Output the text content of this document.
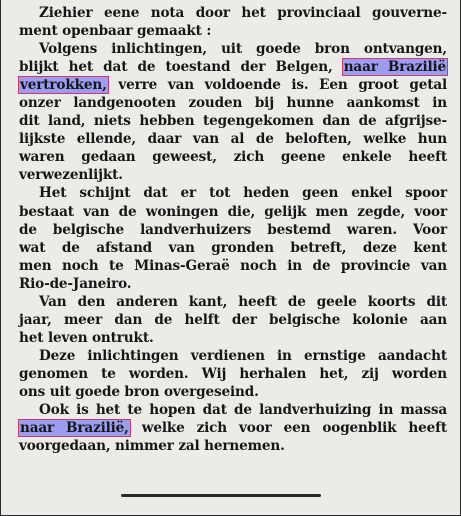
Ziehier eene nota door het provinciaal gouverne-
ment openbaar gemaakt :
Volgens inlichtingen, uit goede bron ontvangen,
blijkt het dat de toestand der Belgen, naar Brazilië
vertrokken, verre van voldoende is. Een groot getal
onzer landgenooten zouden bij hunne aankomst in
dit land, niets hebben tegengekomen dan de afgrijse-
lijkste ellende, daar van al de beloften, welke hun
waren gedaan geweest, zich geene enkele heeft
verwezenlijkt.
Het schijnt dat er tot heden geen enkel spoor
bestaat van de woningen die, gelijk men zegde, voor
de belgische landverhuizers bestemd waren. Voor
wat de afstand van gronden betreft, deze kent
men noch te Minas-Geraë noch in de provincie van
Rio-de-Janeiro.
Van den anderen kant, heeft de geele koorts dit
jaar, meer dan de helft der belgische kolonie aan
het leven ontrukt.
Deze inlichtingen verdienen in ernstige aandacht
genomen te worden. Wij herhalen het, zij worden
ons uit goede bron overgeseind.
Ook is het te hopen dat de landverhuizing in massa
naar Brazilië, welke zich voor een oogenblik heeft
voorgedaan, nimmer zal hernemen.
